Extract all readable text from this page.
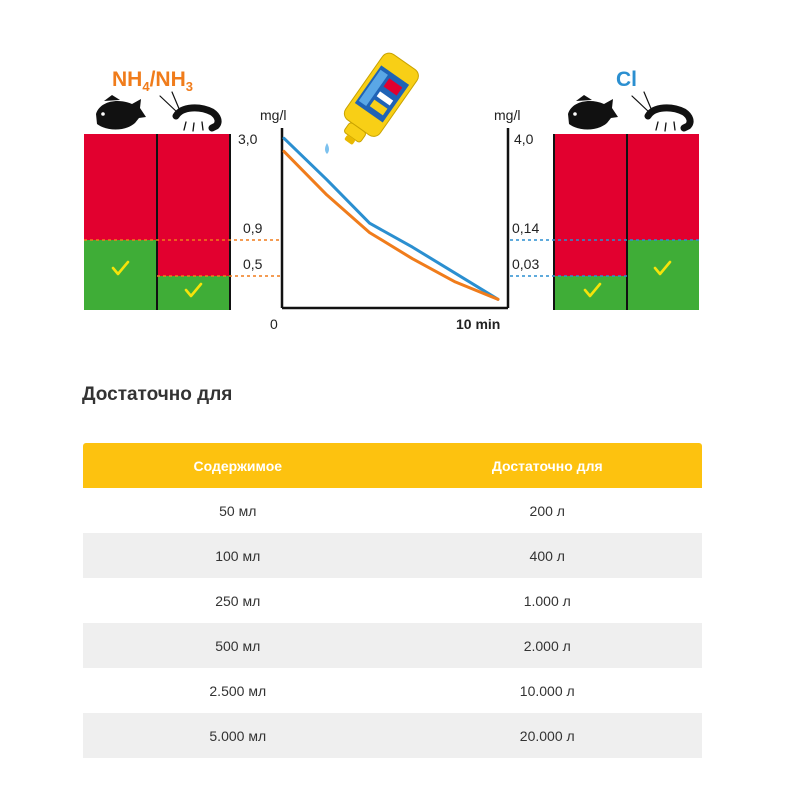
$NH_4/NH_3$	Cl
mg/l
3,0
0,9
0,5
mg/l
4,0
0,14
0,03
0	10 min
Достаточно для
Содержимое	Достаточно для
50 мл	200 л
100 мл	400 л
250 мл	1.000 л
500 мл	2.000 л
2.500 мл	10.000 л
5.000 мл	20.000 л
